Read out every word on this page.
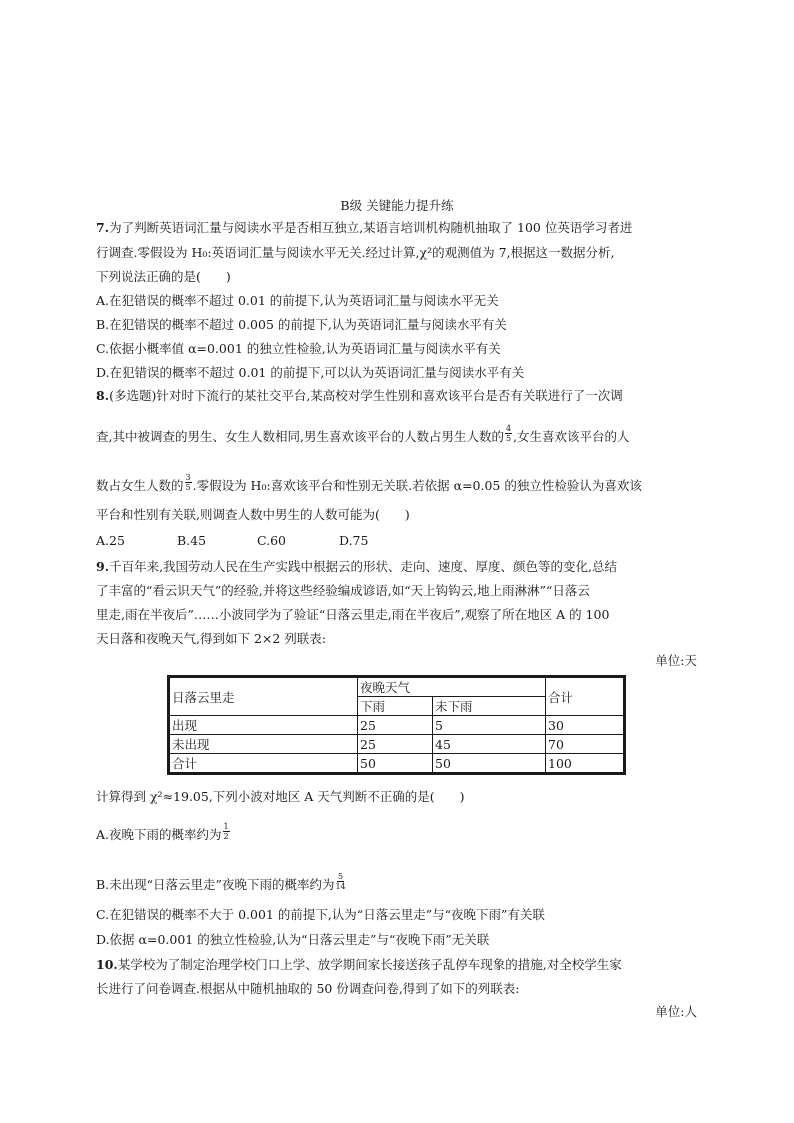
B级 关键能力提升练
7.为了判断英语词汇量与阅读水平是否相互独立,某语言培训机构随机抽取了 100 位英语学习者进
行调查.零假设为 H₀:英语词汇量与阅读水平无关.经过计算,χ²的观测值为 7,根据这一数据分析,
下列说法正确的是(　　)
A.在犯错误的概率不超过 0.01 的前提下,认为英语词汇量与阅读水平无关
B.在犯错误的概率不超过 0.005 的前提下,认为英语词汇量与阅读水平有关
C.依据小概率值 α=0.001 的独立性检验,认为英语词汇量与阅读水平有关
D.在犯错误的概率不超过 0.01 的前提下,可以认为英语词汇量与阅读水平有关
8.(多选题)针对时下流行的某社交平台,某高校对学生性别和喜欢该平台是否有关联进行了一次调
查,其中被调查的男生、女生人数相同,男生喜欢该平台的人数占男生人数的 $\frac{4}{5}$ ,女生喜欢该平台的人
数占女生人数的 $\frac{3}{5}$ .零假设为 H₀:喜欢该平台和性别无关联.若依据 α=0.05 的独立性检验认为喜欢该
平台和性别有关联,则调查人数中男生的人数可能为(　　)
A.25	B.45	C.60	D.75
9.千百年来,我国劳动人民在生产实践中根据云的形状、走向、速度、厚度、颜色等的变化,总结
了丰富的“看云识天气”的经验,并将这些经验编成谚语,如“天上钩钩云,地上雨淋淋”“日落云
里走,雨在半夜后”……小波同学为了验证“日落云里走,雨在半夜后”,观察了所在地区 A 的 100
天日落和夜晚天气,得到如下 2×2 列联表:
单位:天
日落云里走	夜晚天气		合计
	下雨	未下雨	
出现	25	5	30
未出现	25	45	70
合计	50	50	100
计算得到 χ²≈19.05,下列小波对地区 A 天气判断不正确的是(　　)
A.夜晚下雨的概率约为 $\frac{1}{2}$
B.未出现“日落云里走”夜晚下雨的概率约为 $\frac{5}{14}$
C.在犯错误的概率不大于 0.001 的前提下,认为“日落云里走”与“夜晚下雨”有关联
D.依据 α=0.001 的独立性检验,认为“日落云里走”与“夜晚下雨”无关联
10.某学校为了制定治理学校门口上学、放学期间家长接送孩子乱停车现象的措施,对全校学生家
长进行了问卷调查.根据从中随机抽取的 50 份调查问卷,得到了如下的列联表:
单位:人
